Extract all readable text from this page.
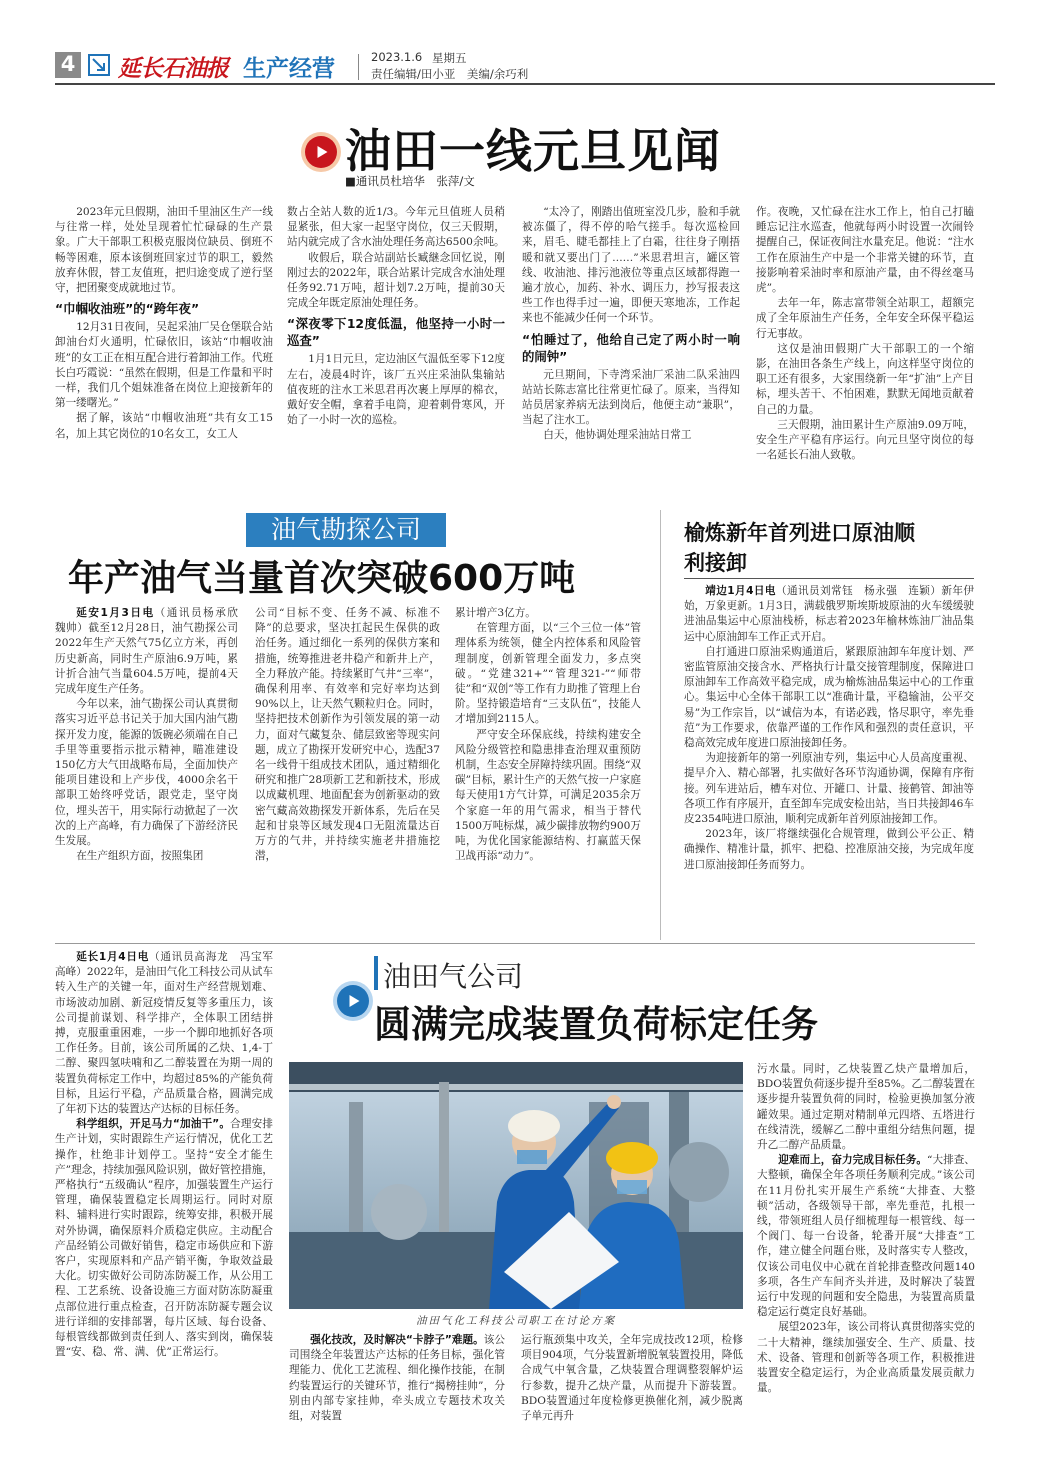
4 延长石油报 生产经营	2023.1.6 星期五
责任编辑/田小亚　美编/余巧利
油田一线元旦见闻
■通讯员杜培华　张萍/文

2023年元旦假期，油田千里油区生产一线与往常一样，处处呈现着忙忙碌碌的生产景象。广大干部职工积极克服岗位缺员、倒班不畅等困难，原本该倒班回家过节的职工，毅然放弃休假，替工友值班，把归途变成了逆行坚守，把团聚变成就地过节。

“巾帼收油班”的“跨年夜”

12月31日夜间，吴起采油厂吴仓堡联合站卸油台灯火通明，忙碌依旧，该站“巾帼收油班”的女工正在相互配合进行着卸油工作。代班长白巧霞说：“虽然在假期，但是工作量和平时一样，我们几个姐妹准备在岗位上迎接新年的第一缕曙光。”

据了解，该站“巾帼收油班”共有女工15名，加上其它岗位的10名女工，女工人

数占全站人数的近1/3。今年元旦值班人员稍显紧张，但大家一起坚守岗位，仅三天假期，站内就完成了含水油处理任务高达6500余吨。

收假后，联合站副站长臧継念回忆说，刚刚过去的2022年，联合站累计完成含水油处理任务92.71万吨，超计划7.2万吨，提前30天完成全年既定原油处理任务。

“深夜零下12度低温，他坚持一小时一巡查”

1月1日元旦，定边油区气温低至零下12度左右，凌晨4时许，该厂五兴庄采油队集输站值夜班的注水工米思君再次裹上厚厚的棉衣，戴好安全帽，拿着手电筒，迎着刺骨寒风，开始了一小时一次的巡检。

“太冷了，刚踏出值班室没几步，脸和手就被冻僵了，得不停的哈气搓手。每次巡检回来，眉毛、睫毛都挂上了白霜，往往身子刚捂暖和就又要出门了……”米思君坦言，罐区管线、收油池、排污池液位等重点区域都得跑一遍才放心，加药、补水、调压力，抄写报表这些工作也得手过一遍，即便天寒地冻，工作起来也不能减少任何一个环节。

“怕睡过了，他给自己定了两小时一响的闹钟”

元旦期间，下寺湾采油厂采油二队采油四站站长陈志富比往常更忙碌了。原来，当得知站员居家养病无法到岗后，他便主动“兼职”，当起了注水工。

白天，他协调处理采油站日常工

作。夜晚，又忙碌在注水工作上，怕自己打瞌睡忘记注水巡查，他就每两小时设置一次闹铃提醒自己，保证夜间注水量充足。他说：“注水工作在原油生产中是一个非常关键的环节，直接影响着采油时率和原油产量，由不得丝毫马虎”。

去年一年，陈志富带领全站职工，超额完成了全年原油生产任务，全年安全环保平稳运行无事故。

这仅是油田假期广大干部职工的一个缩影，在油田各条生产线上，向这样坚守岗位的职工还有很多，大家围绕新一年“扩油”上产目标，埋头苦干、不怕困难，默默无闻地贡献着自己的力量。

三天假期，油田累计生产原油9.09万吨，安全生产平稳有序运行。向元旦坚守岗位的每一名延长石油人致敬。

油气勘探公司
年产油气当量首次突破600万吨

延安1月3日电（通讯员杨承欣　魏帅）截至12月28日，油气勘探公司2022年生产天然气75亿立方米，再创历史新高，同时生产原油6.9万吨，累计折合油气当量604.5万吨，提前4天完成年度生产任务。

今年以来，油气勘探公司认真贯彻落实习近平总书记关于加大国内油气勘探开发力度，能源的饭碗必须端在自己手里等重要指示批示精神，瞄准建设150亿方大气田战略布局，全面加快产能项目建设和上产步伐，4000余名干部职工始终呼党话，跟党走，坚守岗位，埋头苦干，用实际行动掀起了一次次的上产高峰，有力确保了下游经济民生发展。

在生产组织方面，按照集团

公司“目标不变、任务不减、标准不降”的总要求，坚决扛起民生保供的政治任务。通过细化一系列的保供方案和措施，统筹推进老井稳产和新井上产，全力释放产能。持续紧盯气井“三率”，确保利用率、有效率和完好率均达到90%以上，让天然气颗粒归仓。同时，坚持把技术创新作为引领发展的第一动力，面对气藏复杂、储层致密等现实问题，成立了勘探开发研究中心，选配37名一线骨干组成技术团队，通过精细化研究和推广28项新工艺和新技术，形成以成藏机理、地面配套为创新驱动的致密气藏高效勘探发开新体系，先后在吴起和甘泉等区域发现4口无阻流量达百万方的气井，并持续实施老井措施挖潜，

累计增产3亿方。

在管理方面，以“三个三位一体”管理体系为统领，健全内控体系和风险管理制度，创新管理全面发力，多点突破。“党建321+”“管理321-”“师带徒”和“双创”等工作有力助推了管理上台阶。坚持锻造培育“三支队伍”，技能人才增加到2115人。

严守安全环保底线，持续构建安全风险分级管控和隐患排查治理双重预防机制，生态安全屏障持续巩固。围绕“双碳”目标，累计生产的天然气按一户家庭每天使用1方气计算，可满足2035余万个家庭一年的用气需求，相当于替代1500万吨标煤，减少碳排放物约900万吨，为优化国家能源结构、打赢蓝天保卫战再添“动力”。

榆炼新年首列进口原油顺利接卸

靖边1月4日电（通讯员刘常钰　杨永强　连颖）新年伊始，万象更新。1月3日，满载俄罗斯埃斯坡原油的火车缓缓驶进油品集运中心原油栈桥，标志着2023年榆林炼油厂油品集运中心原油卸车工作正式开启。

自打通进口原油采购通道后，紧跟原油卸车年度计划、严密监管原油交接含水、严格执行计量交接管理制度，保障进口原油卸车工作高效平稳完成，成为榆炼油品集运中心的工作重心。集运中心全体干部职工以“准确计量，平稳输油，公平交易”为工作宗旨，以“诚信为本，有诺必践，恪尽职守，率先垂范”为工作要求，依靠严谨的工作作风和强烈的责任意识，平稳高效完成年度进口原油接卸任务。

为迎接新年的第一列原油专列，集运中心人员高度重视、提早介入、精心部署，扎实做好各环节沟通协调，保障有序衔接。列车进站后，槽车对位、开罐口、计量、接鹤管、卸油等各项工作有序展开，直至卸车完成安检出站，当日共接卸46车皮2354吨进口原油，顺利完成新年首列原油接卸工作。

2023年，该厂将继续强化合规管理，做到公平公正、精确操作、精准计量，抓牢、把稳、控准原油交接，为完成年度进口原油接卸任务而努力。

延长1月4日电（通讯员高海龙　冯宝军　高峰）2022年，是油田气化工科技公司从试车转入生产的关键一年，面对生产经营规划难、市场波动加剧、新冠疫情反复等多重压力，该公司提前谋划、科学排产，全体职工团结拼搏，克服重重困难，一步一个脚印地抓好各项工作任务。目前，该公司所属的乙炔、1,4-丁二醇、聚四氢呋喃和乙二醇装置在为期一周的装置负荷标定工作中，均超过85%的产能负荷目标，且运行平稳，产品质量合格，圆满完成了年初下达的装置达产达标的目标任务。

科学组织，开足马力“加油干”。合理安排生产计划，实时跟踪生产运行情况，优化工艺操作，杜绝非计划停工。坚持“安全才能生产”理念，持续加强风险识别，做好管控措施，严格执行“五级确认”程序，加强装置生产运行管理，确保装置稳定长周期运行。同时对原料、辅料进行实时跟踪，统筹安排，积极开展对外协调，确保原料介质稳定供应。主动配合产品经销公司做好销售，稳定市场供应和下游客户，实现原料和产品产销平衡，争取效益最大化。切实做好公司防冻防凝工作，从公用工程、工艺系统、设备设施三方面对防冻防凝重点部位进行重点检查，召开防冻防凝专题会议进行详细的安排部署，每片区域、每台设备、每根管线都做到责任到人、落实到岗，确保装置“安、稳、常、满、优”正常运行。

油田气公司
圆满完成装置负荷标定任务
油田气化工科技公司职工在讨论方案

强化技改，及时解决“卡脖子”难题。该公司围绕全年装置达产达标的任务目标，强化管理能力、优化工艺流程、细化操作技能，在制约装置运行的关键环节，推行“揭榜挂帅”，分别由内部专家挂帅，牵头成立专题技术攻关组，对装置

运行瓶颈集中攻关，全年完成技改12项，检修项目904项，气分装置新增脱氧装置投用，降低合成气中氧含量，乙炔装置合理调整裂解炉运行参数，提升乙炔产量，从而提升下游装置。BDO装置通过年度检修更换催化剂，减少脱离子单元再升

污水量。同时，乙炔装置乙炔产量增加后，BDO装置负荷逐步提升至85%。乙二醇装置在逐步提升装置负荷的同时，检验更换加氢分液罐效果。通过定期对精制单元四塔、五塔进行在线清洗，缓解乙二醇中重组分结焦问题，提升乙二醇产品质量。

迎难而上，奋力完成目标任务。“大排查、大整顿，确保全年各项任务顺利完成。”该公司在11月份扎实开展生产系统“大排查、大整顿”活动，各级领导干部，率先垂范，扎根一线，带领班组人员仔细梳理每一根管线、每一个阀门、每一台设备，轮番开展“大排查”工作，建立健全问题台账，及时落实专人整改，仅该公司电仪中心就在首轮排查整改问题140多项，各生产车间齐头并进，及时解决了装置运行中发现的问题和安全隐患，为装置高质量稳定运行奠定良好基础。

展望2023年，该公司将认真贯彻落实党的二十大精神，继续加强安全、生产、质量、技术、设备、管理和创新等各项工作，积极推进装置安全稳定运行，为企业高质量发展贡献力量。
